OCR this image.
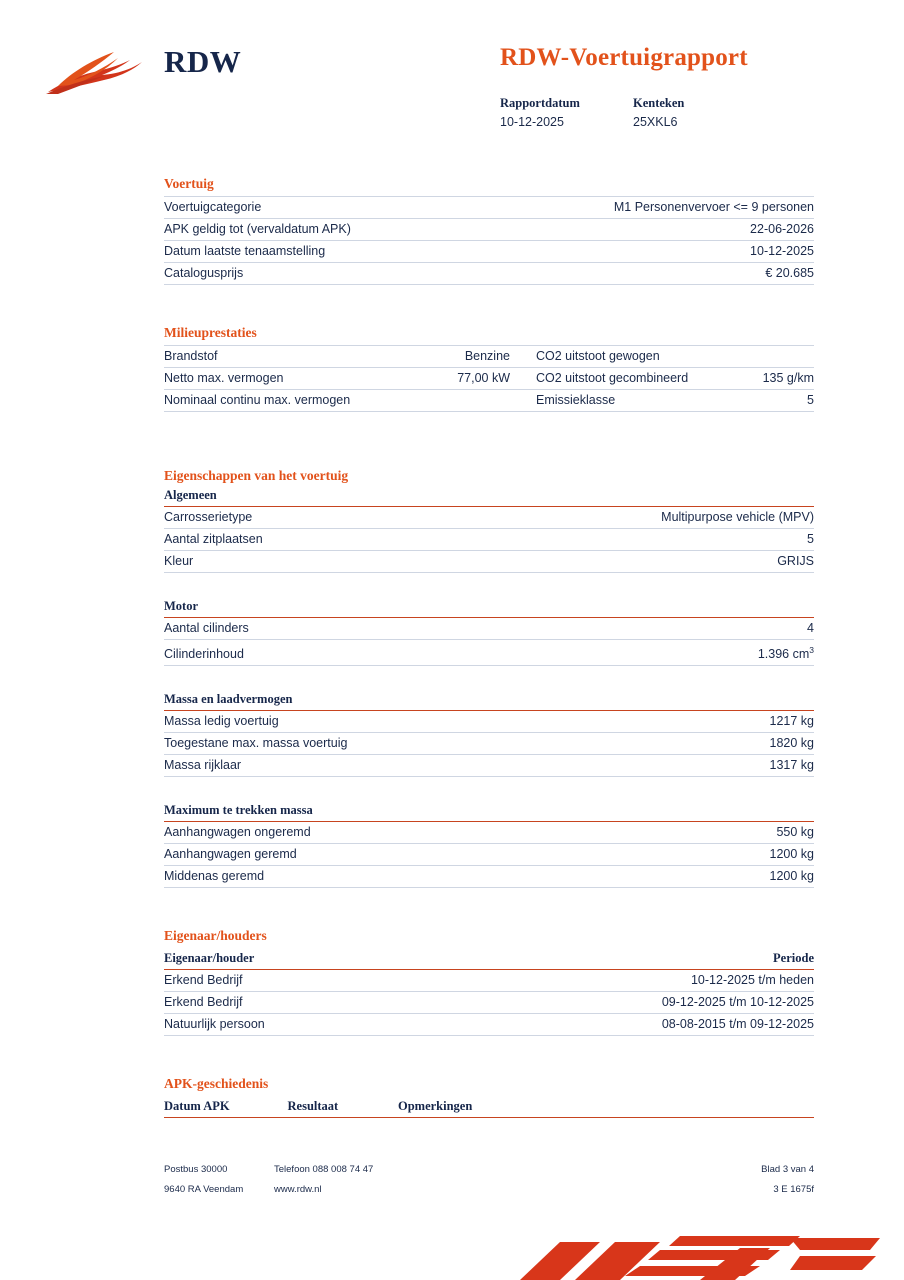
RDW	RDW-Voertuigrapport
Rapportdatum
10-12-2025
Kenteken
25XKL6
Voertuig
Voertuigcategorie	M1 Personenvervoer <= 9 personen
APK geldig tot (vervaldatum APK)	22-06-2026
Datum laatste tenaamstelling	10-12-2025
Catalogusprijs	€ 20.685
Milieuprestaties
Brandstof	Benzine	CO2 uitstoot gewogen	
Netto max. vermogen	77,00 kW	CO2 uitstoot gecombineerd	135 g/km
Nominaal continu max. vermogen		Emissieklasse	5
Eigenschappen van het voertuig
Algemeen
Carrosserietype	Multipurpose vehicle (MPV)
Aantal zitplaatsen	5
Kleur	GRIJS
Motor
Aantal cilinders	4
Cilinderinhoud	1.396 $cm^3$
Massa en laadvermogen
Massa ledig voertuig	1217 kg
Toegestane max. massa voertuig	1820 kg
Massa rijklaar	1317 kg
Maximum te trekken massa
Aanhangwagen ongeremd	550 kg
Aanhangwagen geremd	1200 kg
Middenas geremd	1200 kg
Eigenaar/houders
Eigenaar/houder	Periode
Erkend Bedrijf	10-12-2025 t/m heden
Erkend Bedrijf	09-12-2025 t/m 10-12-2025
Natuurlijk persoon	08-08-2015 t/m 09-12-2025
APK-geschiedenis
Datum APK	Resultaat	Opmerkingen
Postbus 30000	Telefoon 088 008 74 47	Blad 3 van 4
9640 RA Veendam	www.rdw.nl	3 E 1675f
